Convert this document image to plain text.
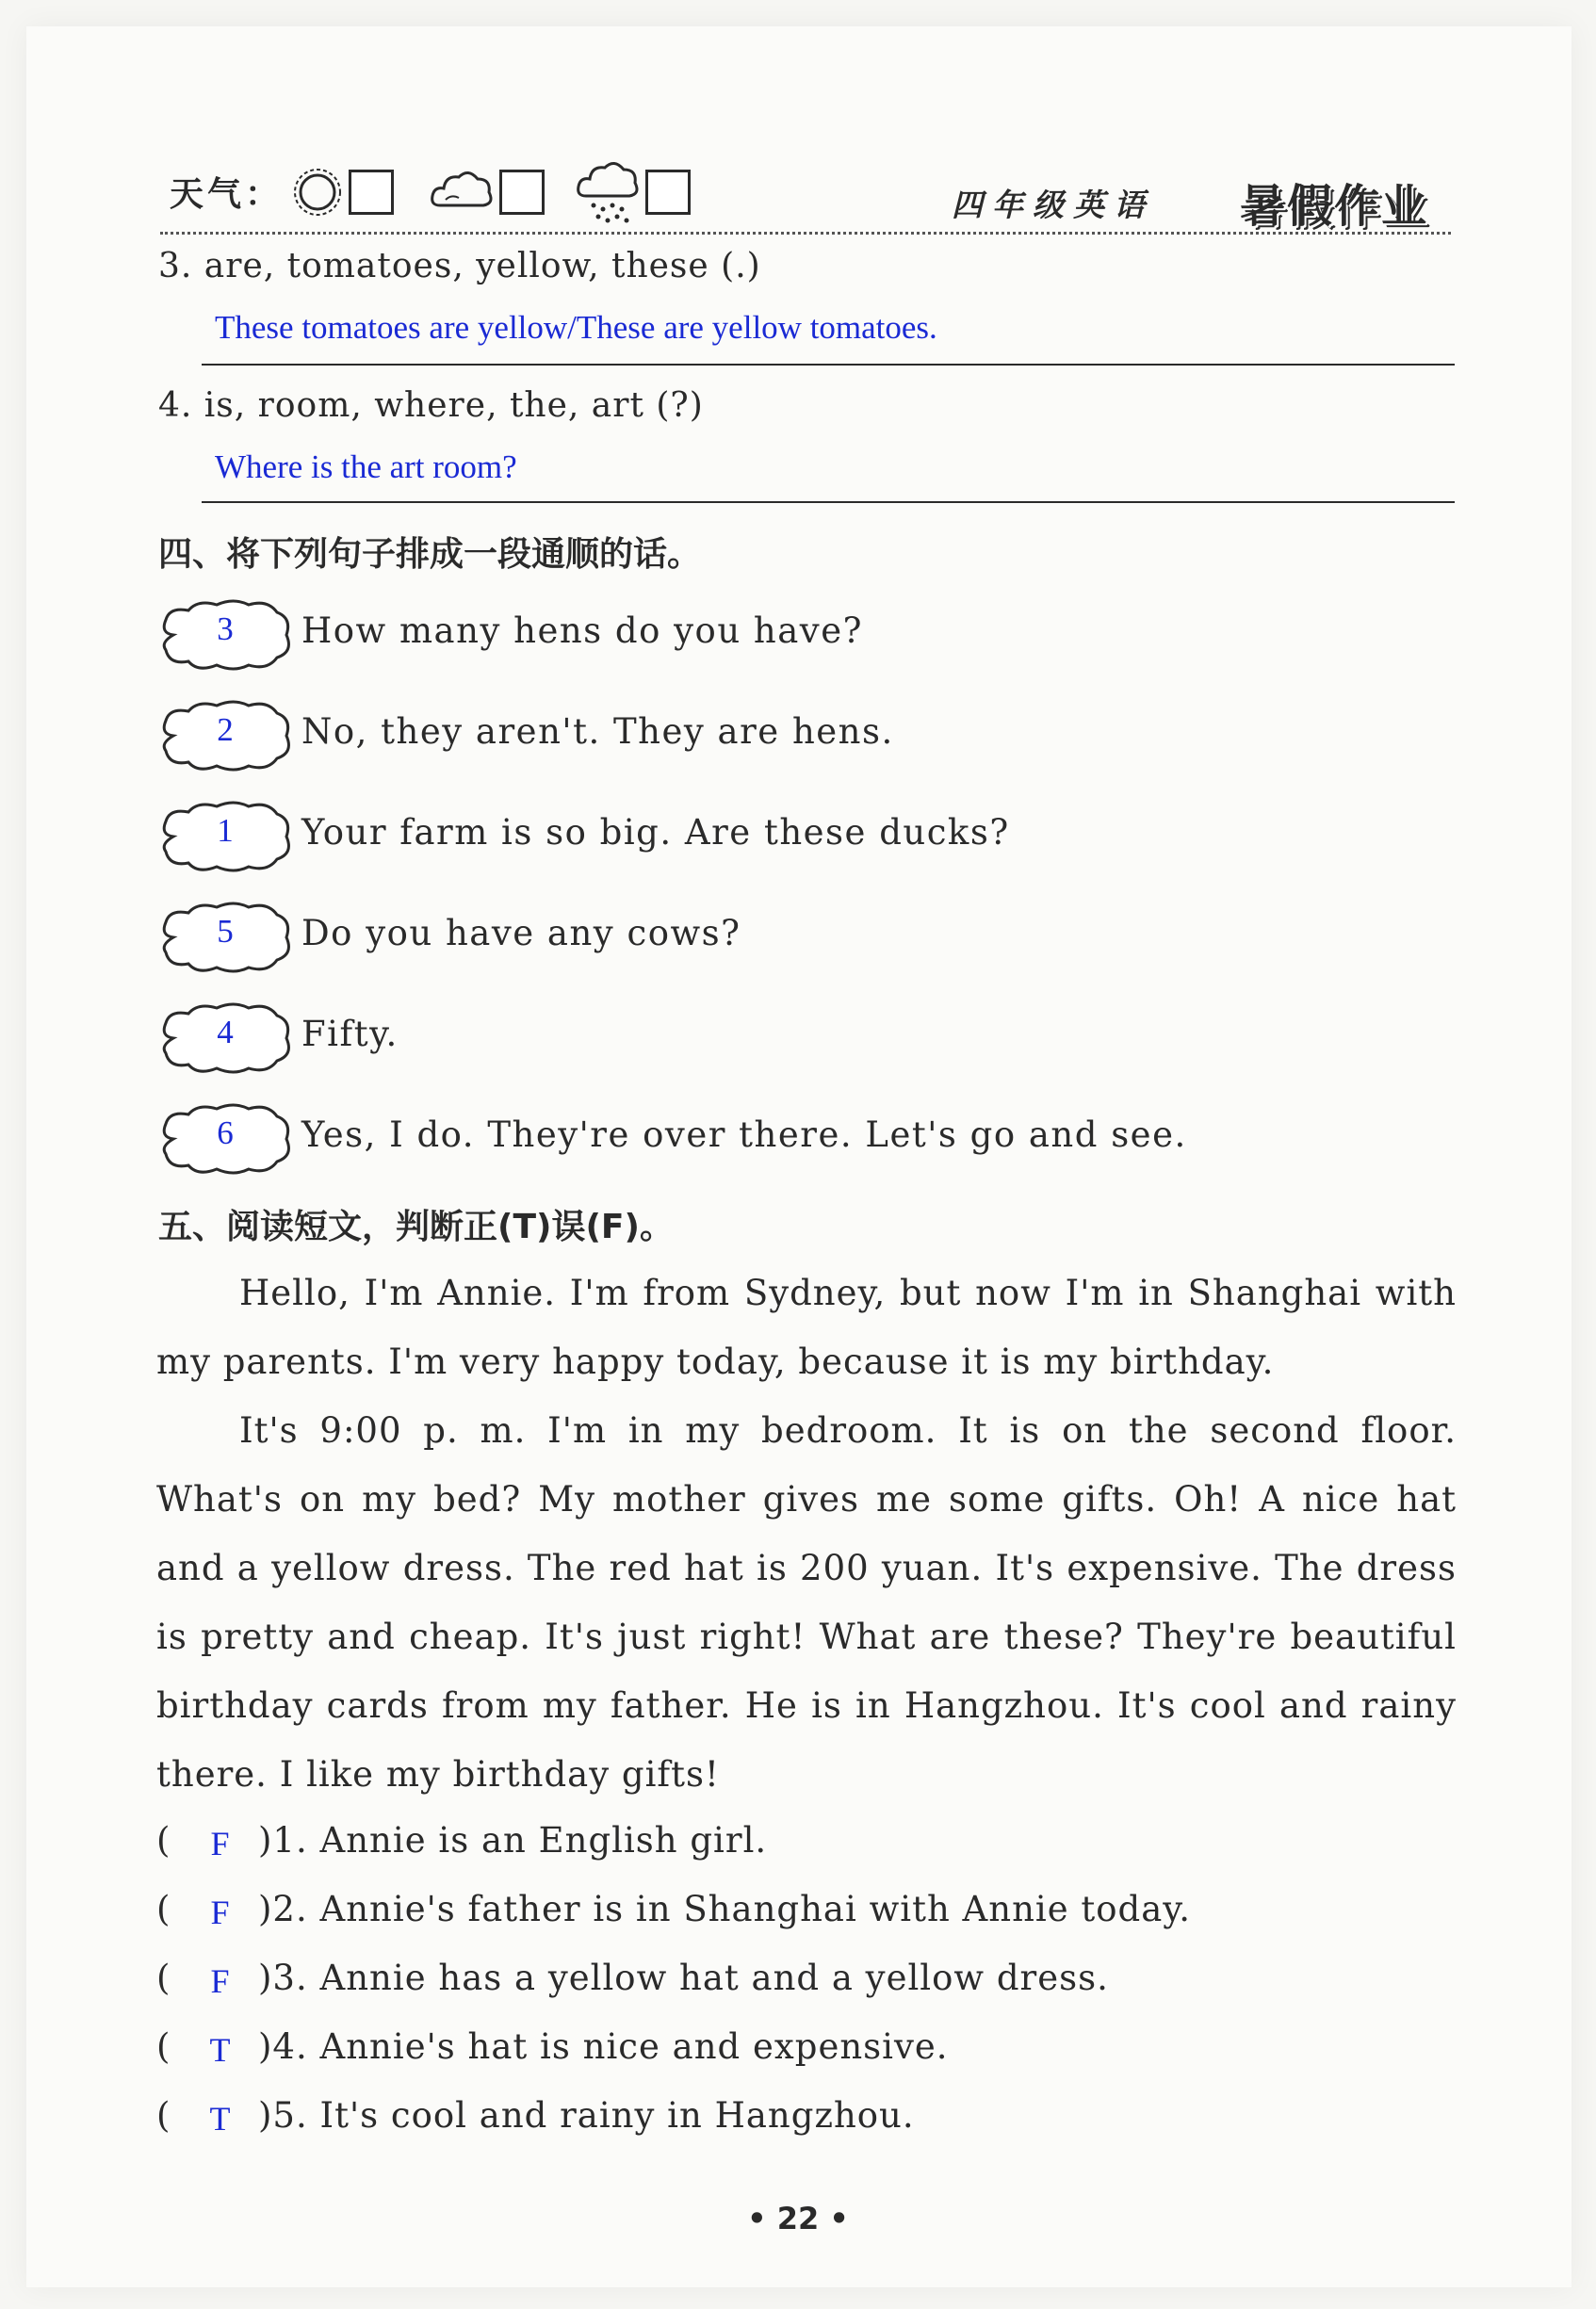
天气：	四年级英语 暑假作业
3. are, tomatoes, yellow, these (.)
These tomatoes are yellow/These are yellow tomatoes.
4. is, room, where, the, art (?)
Where is the art room?
四、将下列句子排成一段通顺的话。
3	How many hens do you have?
2	No, they aren't. They are hens.
1	Your farm is so big. Are these ducks?
5	Do you have any cows?
4	Fifty.
6	Yes, I do. They're over there. Let's go and see.
五、阅读短文，判断正(T)误(F)。

Hello, I'm Annie. I'm from Sydney, but now I'm in Shanghai with my parents. I'm very happy today, because it is my birthday.

It's 9:00 p. m. I'm in my bedroom. It is on the second floor. What's on my bed? My mother gives me some gifts. Oh! A nice hat and a yellow dress. The red hat is 200 yuan. It's expensive. The dress is pretty and cheap. It's just right! What are these? They're beautiful birthday cards from my father. He is in Hangzhou. It's cool and rainy there. I like my birthday gifts!

( F )1. Annie is an English girl.
( F )2. Annie's father is in Shanghai with Annie today.
( F )3. Annie has a yellow hat and a yellow dress.
( T )4. Annie's hat is nice and expensive.
( T )5. It's cool and rainy in Hangzhou.
• 22 •
